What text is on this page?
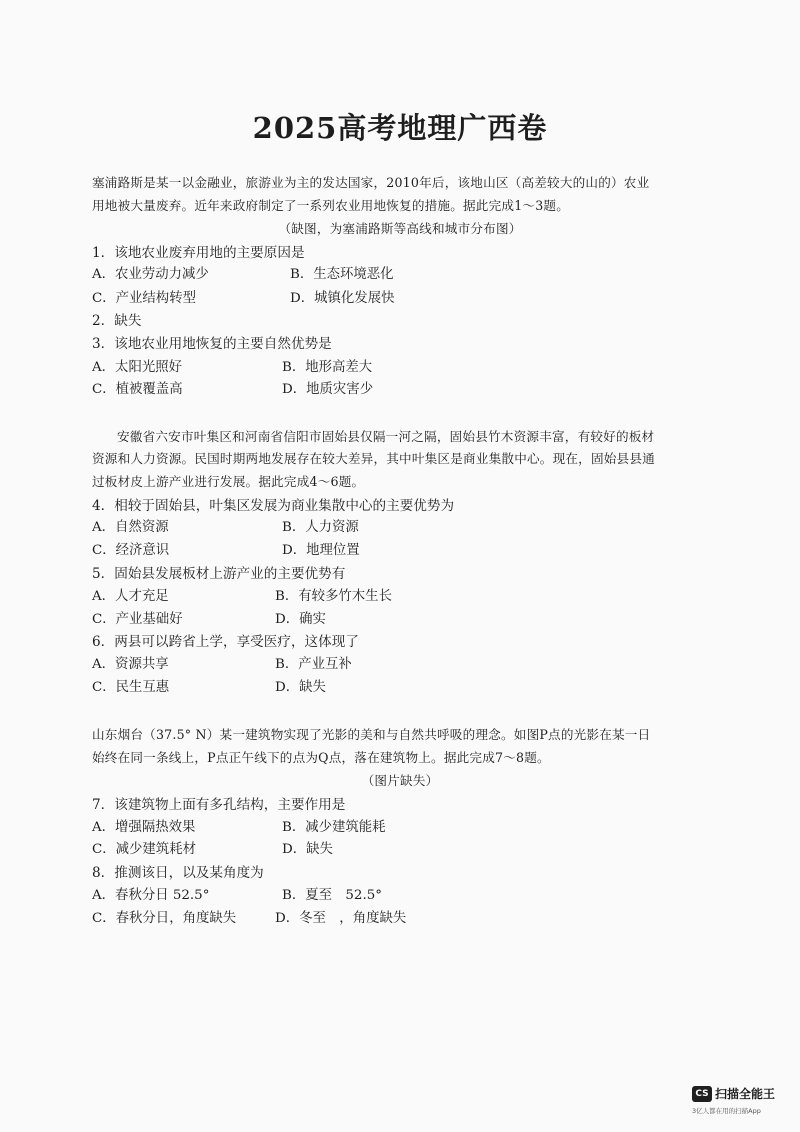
2025高考地理广西卷
塞浦路斯是某一以金融业，旅游业为主的发达国家，2010年后，该地山区（高差较大的山的）农业
用地被大量废弃。近年来政府制定了一系列农业用地恢复的措施。据此完成1～3题。
（缺图，为塞浦路斯等高线和城市分布图）
1．该地农业废弃用地的主要原因是
A．农业劳动力减少	B．生态环境恶化
C．产业结构转型	D．城镇化发展快
2．缺失
3．该地农业用地恢复的主要自然优势是
A．太阳光照好	B．地形高差大
C．植被覆盖高	D．地质灾害少
安徽省六安市叶集区和河南省信阳市固始县仅隔一河之隔，固始县竹木资源丰富，有较好的板材
资源和人力资源。民国时期两地发展存在较大差异，其中叶集区是商业集散中心。现在，固始县县通
过板材皮上游产业进行发展。据此完成4～6题。
4．相较于固始县，叶集区发展为商业集散中心的主要优势为
A．自然资源	B．人力资源
C．经济意识	D．地理位置
5．固始县发展板材上游产业的主要优势有
A．人才充足	B．有较多竹木生长
C．产业基础好	D．确实
6．两县可以跨省上学，享受医疗，这体现了
A．资源共享	B．产业互补
C．民生互惠	D．缺失
山东烟台（37.5° N）某一建筑物实现了光影的美和与自然共呼吸的理念。如图P点的光影在某一日
始终在同一条线上，P点正午线下的点为Q点，落在建筑物上。据此完成7～8题。
（图片缺失）
7．该建筑物上面有多孔结构，主要作用是
A．增强隔热效果	B．减少建筑能耗
C．减少建筑耗材	D．缺失
8．推测该日，以及某角度为
A．春秋分日 52.5°	B．夏至　52.5°
C．春秋分日，角度缺失	D．冬至　，角度缺失
CS 扫描全能王
3亿人都在用的扫描App
